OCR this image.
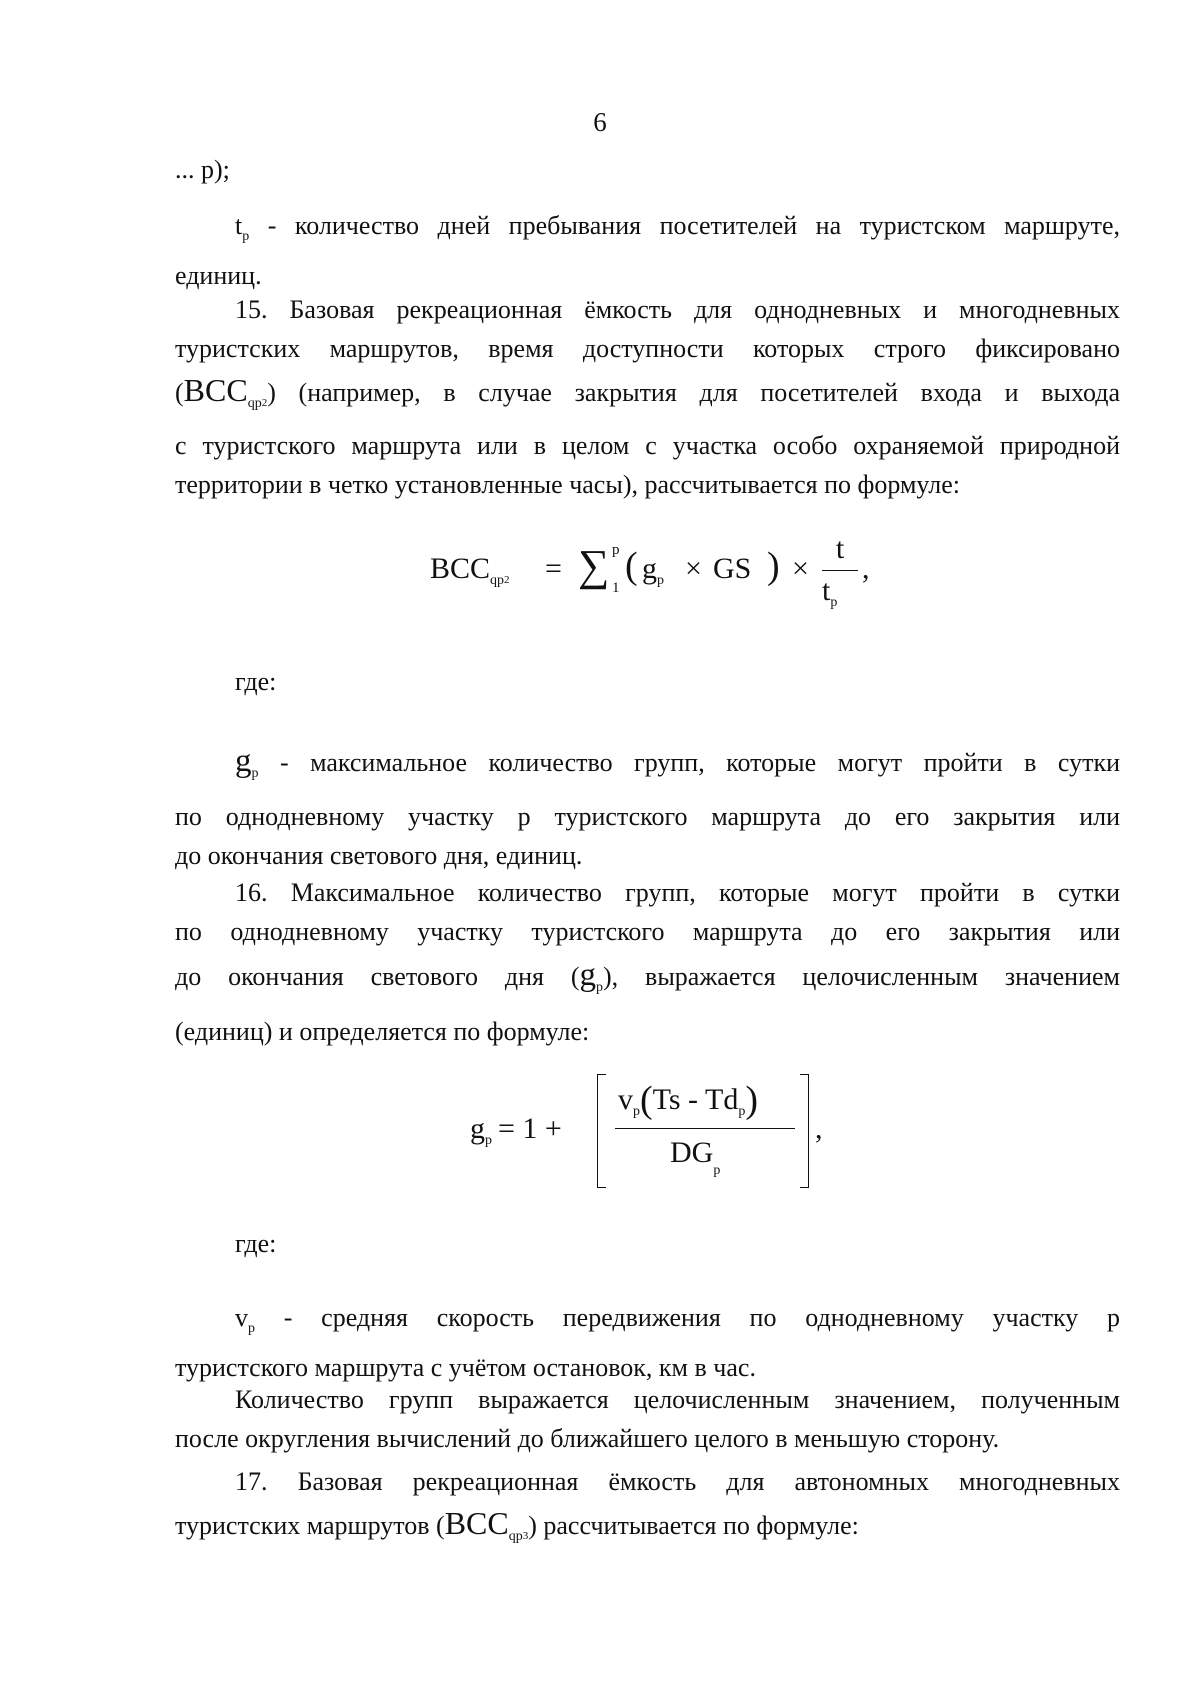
6
... p);
$t_p$ - количество дней пребывания посетителей на туристском маршруте,
единиц.
15. Базовая рекреационная ёмкость для однодневных и многодневных
туристских маршрутов, время доступности которых строго фиксировано
$(BCC_{qp}2)$ (например, в случае закрытия для посетителей входа и выхода
с туристского маршрута или в целом с участка особо охраняемой природной
территории в четко установленные часы), рассчитывается по формуле:
$BCC_{qp}2$ = ∑ p
1
( $g_p$ × GS ) ×
t
$t_p$
,
где:
$g_p$ - максимальное количество групп, которые могут пройти в сутки
по однодневному участку p туристского маршрута до его закрытия или
до окончания светового дня, единиц.
16. Максимальное количество групп, которые могут пройти в сутки
по однодневному участку туристского маршрута до его закрытия или
до окончания светового дня $(g_p)$, выражается целочисленным значением
(единиц) и определяется по формуле:
$g_p = 1$ +
$v_p(Ts - Td_p)$
$DG_p$
,
где:
$v_p$ - средняя скорость передвижения по однодневному участку p
туристского маршрута с учётом остановок, км в час.
Количество групп выражается целочисленным значением, полученным
после округления вычислений до ближайшего целого в меньшую сторону.
17. Базовая рекреационная ёмкость для автономных многодневных
туристских маршрутов $(BCC_{qp}3)$ рассчитывается по формуле:
